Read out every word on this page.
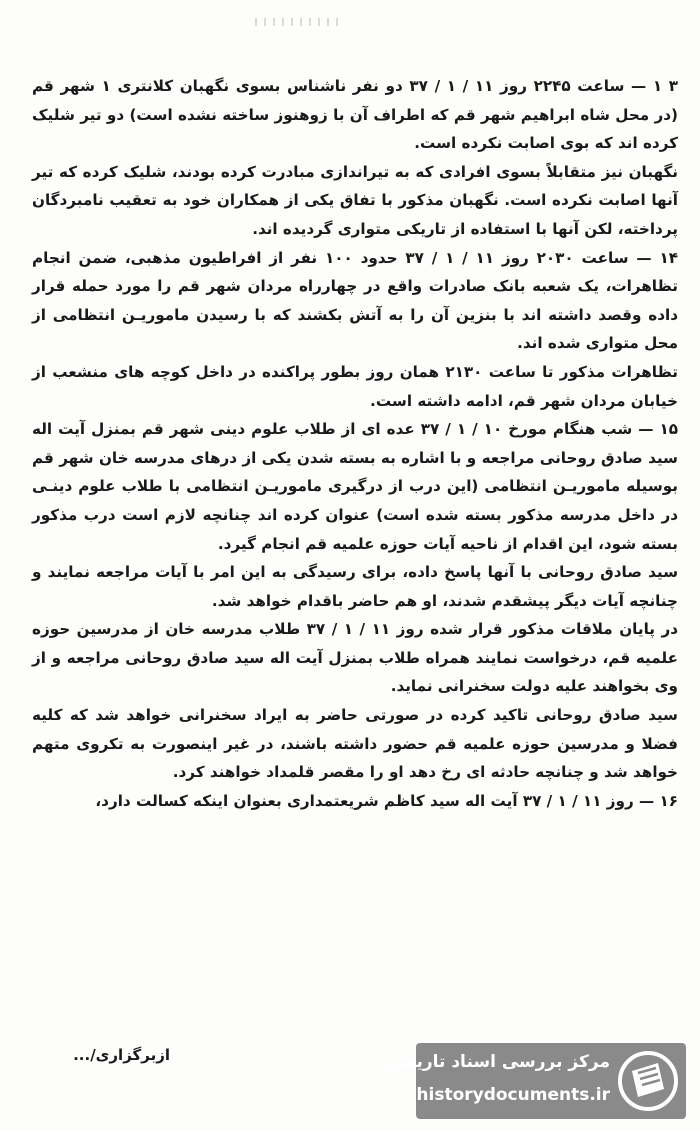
۳ ۱ — ساعت ۲۲۴۵ روز ۱۱ / ۱ / ۳۷ دو نفر ناشناس بسوی نگهبان کلانتری ۱ شهر قم (در محل شاه ابراهیم شهر قم که اطراف آن با زوهنوز ساخته نشده است) دو تیر شلیک کرده اند که بوی اصابت نکرده است.

نگهبان نیز متقابلاً بسوی افرادی که به تیراندازی مبادرت کرده بودند، شلیک کرده که تیر آنها اصابت نکرده است. نگهبان مذکور با تفاق یکی از همکاران خود به تعقیب نامبردگان پرداخته، لکن آنها با استفاده از تاریکی متواری گردیده اند.

۱۴ — ساعت ۲۰۳۰ روز ۱۱ / ۱ / ۳۷ حدود ۱۰۰ نفر از افراطیون مذهبی، ضمن انجام تظاهرات، یک شعبه بانک صادرات واقع در چهارراه مردان شهر قم را مورد حمله قرار داده وقصد داشته اند با بنزین آن را به آتش بکشند که با رسیدن ماموریـن انتظامی از محل متواری شده اند.

تظاهرات مذکور تا ساعت ۲۱۳۰ همان روز بطور پراکنده در داخل کوچه های منشعب از خیابان مردان شهر قم، ادامه داشته است.

۱۵ — شب هنگام مورخ ۱۰ / ۱ / ۳۷ عده ای از طلاب علوم دینی شهر قم بمنزل آیت اله سید صادق روحانی مراجعه و با اشاره به بسته شدن یکی از درهای مدرسه خان شهر قم بوسیله ماموریـن انتظامی (این درب از درگیری ماموریـن انتظامی با طلاب علوم دینـی در داخل مدرسه مذکور بسته شده است) عنوان کرده اند چنانچه لازم است درب مذکور بسته شود، این اقدام از ناحیه آیات حوزه علمیه قم انجام گیرد.

سید صادق روحانی با آنها پاسخ داده، برای رسیدگی به این امر با آیات مراجعه نمایند و چنانچه آیات دیگر پیشقدم شدند، او هم حاضر باقدام خواهد شد.

در پایان ملاقات مذکور قرار شده روز ۱۱ / ۱ / ۳۷ طلاب مدرسه خان از مدرسین حوزه علمیه قم، درخواست نمایند همراه طلاب بمنزل آیت اله سید صادق روحانی مراجعه و از وی بخواهند علیه دولت سخنرانی نماید.

سید صادق روحانی تاکید کرده در صورتی حاضر به ایراد سخنرانی خواهد شد که کلیه فضلا و مدرسین حوزه علمیه قم حضور داشته باشند، در غیر اینصورت به تکروی متهم خواهد شد و چنانچه حادثه ای رخ دهد او را مقصر قلمداد خواهند کرد.

۱۶ — روز ۱۱ / ۱ / ۳۷ آیت اله سید کاظم شریعتمداری بعنوان اینکه کسالت دارد،

ازبرگزاری/...	مرکز بررسی اسناد تاریخی
historydocuments.ir
